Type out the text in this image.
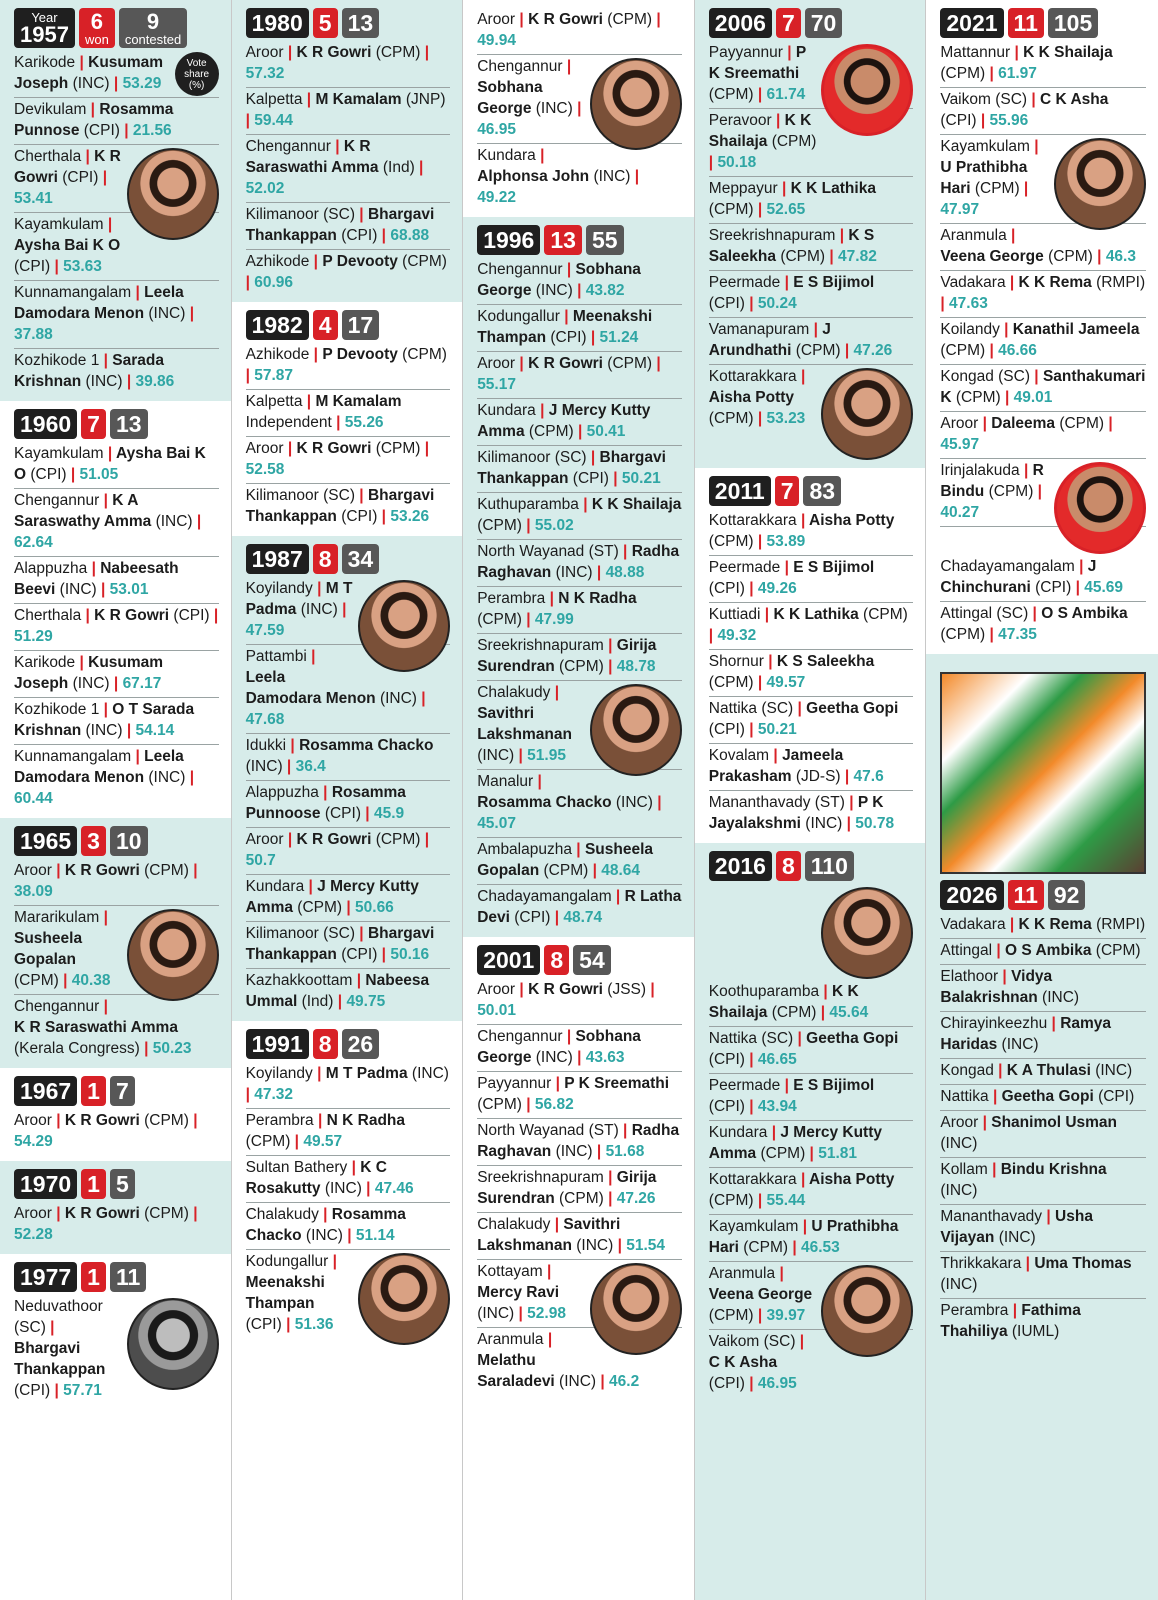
Year
1957
6
won
9
contested
Vote
share
(%)
Karikode | Kusumam Joseph (INC) | 53.29
Devikulam | Rosamma Punnose (CPI) | 21.56
Cherthala | K R Gowri (CPI) | 53.41
Kayamkulam | Aysha Bai K O (CPI) | 53.63
Kunnamangalam | Leela Damodara Menon (INC) | 37.88
Kozhikode 1 | Sarada Krishnan (INC) | 39.86
1960 7 13
Kayamkulam | Aysha Bai K O (CPI) | 51.05
Chengannur | K A Saraswathy Amma (INC) | 62.64
Alappuzha | Nabeesath Beevi (INC) | 53.01
Cherthala | K R Gowri (CPI) | 51.29
Karikode | Kusumam Joseph (INC) | 67.17
Kozhikode 1 | O T Sarada Krishnan (INC) | 54.14
Kunnamangalam | Leela Damodara Menon (INC) | 60.44
1965 3 10
Aroor | K R Gowri (CPM) | 38.09
Mararikulam | Susheela Gopalan (CPM) | 40.38
Chengannur | K R Saraswathi Amma (Kerala Congress) | 50.23
1967 1 7
Aroor | K R Gowri (CPM) | 54.29
1970 1 5
Aroor | K R Gowri (CPM) | 52.28
1977 1 11
Neduvathoor (SC) | Bhargavi Thankappan (CPI) | 57.71
1980 5 13
Aroor | K R Gowri (CPM) | 57.32
Kalpetta | M Kamalam (JNP) | 59.44
Chengannur | K R Saraswathi Amma (Ind) | 52.02
Kilimanoor (SC) | Bhargavi Thankappan (CPI) | 68.88
Azhikode | P Devooty (CPM) | 60.96
1982 4 17
Azhikode | P Devooty (CPM) | 57.87
Kalpetta | M Kamalam Independent | 55.26
Aroor | K R Gowri (CPM) | 52.58
Kilimanoor (SC) | Bhargavi Thankappan (CPI) | 53.26
1987 8 34
Koyilandy | M T Padma (INC) | 47.59
Pattambi | Leela Damodara Menon (INC) | 47.68
Idukki | Rosamma Chacko (INC) | 36.4
Alappuzha | Rosamma Punnoose (CPI) | 45.9
Aroor | K R Gowri (CPM) | 50.7
Kundara | J Mercy Kutty Amma (CPM) | 50.66
Kilimanoor (SC) | Bhargavi Thankappan (CPI) | 50.16
Kazhakkoottam | Nabeesa Ummal (Ind) | 49.75
1991 8 26
Koyilandy | M T Padma (INC) | 47.32
Perambra | N K Radha (CPM) | 49.57
Sultan Bathery | K C Rosakutty (INC) | 47.46
Chalakudy | Rosamma Chacko (INC) | 51.14
Kodungallur | Meenakshi Thampan (CPI) | 51.36
Aroor | K R Gowri (CPM) | 49.94
Chengannur | Sobhana George (INC) | 46.95
Kundara | Alphonsa John (INC) | 49.22
1996 13 55
Chengannur | Sobhana George (INC) | 43.82
Kodungallur | Meenakshi Thampan (CPI) | 51.24
Aroor | K R Gowri (CPM) | 55.17
Kundara | J Mercy Kutty Amma (CPM) | 50.41
Kilimanoor (SC) | Bhargavi Thankappan (CPI) | 50.21
Kuthuparamba | K K Shailaja (CPM) | 55.02
North Wayanad (ST) | Radha Raghavan (INC) | 48.88
Perambra | N K Radha (CPM) | 47.99
Sreekrishnapuram | Girija Surendran (CPM) | 48.78
Chalakudy | Savithri Lakshmanan (INC) | 51.95
Manalur | Rosamma Chacko (INC) | 45.07
Ambalapuzha | Susheela Gopalan (CPM) | 48.64
Chadayamangalam | R Latha Devi (CPI) | 48.74
2001 8 54
Aroor | K R Gowri (JSS) | 50.01
Chengannur | Sobhana George (INC) | 43.63
Payyannur | P K Sreemathi (CPM) | 56.82
North Wayanad (ST) | Radha Raghavan (INC) | 51.68
Sreekrishnapuram | Girija Surendran (CPM) | 47.26
Chalakudy | Savithri Lakshmanan (INC) | 51.54
Kottayam | Mercy Ravi (INC) | 52.98
Aranmula | Melathu Saraladevi (INC) | 46.2
2006 7 70
Payyannur | P K Sreemathi (CPM) | 61.74
Peravoor | K K Shailaja (CPM) | 50.18
Meppayur | K K Lathika (CPM) | 52.65
Sreekrishnapuram | K S Saleekha (CPM) | 47.82
Peermade | E S Bijimol (CPI) | 50.24
Vamanapuram | J Arundhathi (CPM) | 47.26
Kottarakkara | Aisha Potty (CPM) | 53.23
2011 7 83
Kottarakkara | Aisha Potty (CPM) | 53.89
Peermade | E S Bijimol (CPI) | 49.26
Kuttiadi | K K Lathika (CPM) | 49.32
Shornur | K S Saleekha (CPM) | 49.57
Nattika (SC) | Geetha Gopi (CPI) | 50.21
Kovalam | Jameela Prakasham (JD-S) | 47.6
Mananthavady (ST) | P K Jayalakshmi (INC) | 50.78
2016 8 110
Koothuparamba | K K Shailaja (CPM) | 45.64
Nattika (SC) | Geetha Gopi (CPI) | 46.65
Peermade | E S Bijimol (CPI) | 43.94
Kundara | J Mercy Kutty Amma (CPM) | 51.81
Kottarakkara | Aisha Potty (CPM) | 55.44
Kayamkulam | U Prathibha Hari (CPM) | 46.53
Aranmula | Veena George (CPM) | 39.97
Vaikom (SC) | C K Asha (CPI) | 46.95
2021 11 105
Mattannur | K K Shailaja (CPM) | 61.97
Vaikom (SC) | C K Asha (CPI) | 55.96
Kayamkulam | U Prathibha Hari (CPM) | 47.97
Aranmula | Veena George (CPM) | 46.3
Vadakara | K K Rema (RMPI) | 47.63
Koilandy | Kanathil Jameela (CPM) | 46.66
Kongad (SC) | Santhakumari K (CPM) | 49.01
Aroor | Daleema (CPM) | 45.97
Irinjalakuda | R Bindu (CPM) | 40.27
Chadayamangalam | J Chinchurani (CPI) | 45.69
Attingal (SC) | O S Ambika (CPM) | 47.35
2026 11 92
Vadakara | K K Rema (RMPI)
Attingal | O S Ambika (CPM)
Elathoor | Vidya Balakrishnan (INC)
Chirayinkeezhu | Ramya Haridas (INC)
Kongad | K A Thulasi (INC)
Nattika | Geetha Gopi (CPI)
Aroor | Shanimol Usman (INC)
Kollam | Bindu Krishna (INC)
Mananthavady | Usha Vijayan (INC)
Thrikkakara | Uma Thomas (INC)
Perambra | Fathima Thahiliya (IUML)
